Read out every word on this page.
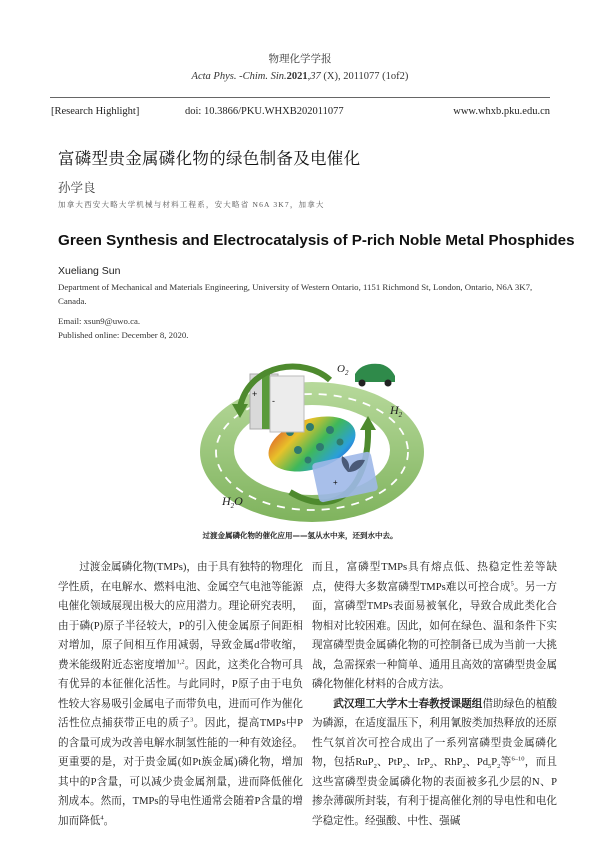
物理化学学报
Acta Phys. -Chim. Sin.2021,37 (X), 2011077 (1of2)
[Research Highlight]	doi: 10.3866/PKU.WHXB202011077	www.whxb.pku.edu.cn
富磷型贵金属磷化物的绿色制备及电催化
孙学良
加拿大西安大略大学机械与材料工程系，安大略省 N6A 3K7，加拿大
Green Synthesis and Electrocatalysis of P-rich Noble Metal Phosphides
Xueliang Sun
Department of Mechanical and Materials Engineering, University of Western Ontario, 1151 Richmond St, London, Ontario, N6A 3K7, Canada.
Email: xsun9@uwo.ca.
Published online: December 8, 2020.
+
-
+
$O_2$
$H_2$
$H_2O$
过渡金属磷化物的催化应用——氢从水中来，还到水中去。

过渡金属磷化物(TMPs)，由于具有独特的物理化学性质，在电解水、燃料电池、金属空气电池等能源电催化领域展现出极大的应用潜力。理论研究表明，由于磷(P)原子半径较大，P的引入使金属原子间距相对增加，原子间相互作用减弱，导致金属d带收缩，费米能级附近态密度增加$^{1,2}$。因此，这类化合物可具有优异的本征催化活性。与此同时，P原子由于电负性较大容易吸引金属电子而带负电，进而可作为催化活性位点捕获带正电的质子$^3$。因此，提高TMPs中P的含量可成为改善电解水制氢性能的一种有效途径。更重要的是，对于贵金属(如Pt族金属)磷化物，增加其中的P含量，可以减少贵金属剂量，进而降低催化剂成本。然而，TMPs的导电性通常会随着P含量的增加而降低$^4$。

而且，富磷型TMPs具有熔点低、热稳定性差等缺点，使得大多数富磷型TMPs难以可控合成$^5$。另一方面，富磷型TMPs表面易被氧化，导致合成此类化合物相对比较困难。因此，如何在绿色、温和条件下实现富磷型贵金属磷化物的可控制备已成为当前一大挑战，急需探索一种简单、通用且高效的富磷型贵金属磷化物催化材料的合成方法。

武汉理工大学木士春教授课题组借助绿色的植酸为磷源，在适度温压下，利用氰胺类加热释放的还原性气氛首次可控合成出了一系列富磷型贵金属磷化物，包括RuP$_2$、PtP$_2$、IrP$_2$、RhP$_2$、$Pd_5P_2$等$^{6-10}$，而且这些富磷型贵金属磷化物的表面被多孔少层的N、P掺杂薄碳所封装，有利于提高催化剂的导电性和电化学稳定性。经强酸、中性、强碱
